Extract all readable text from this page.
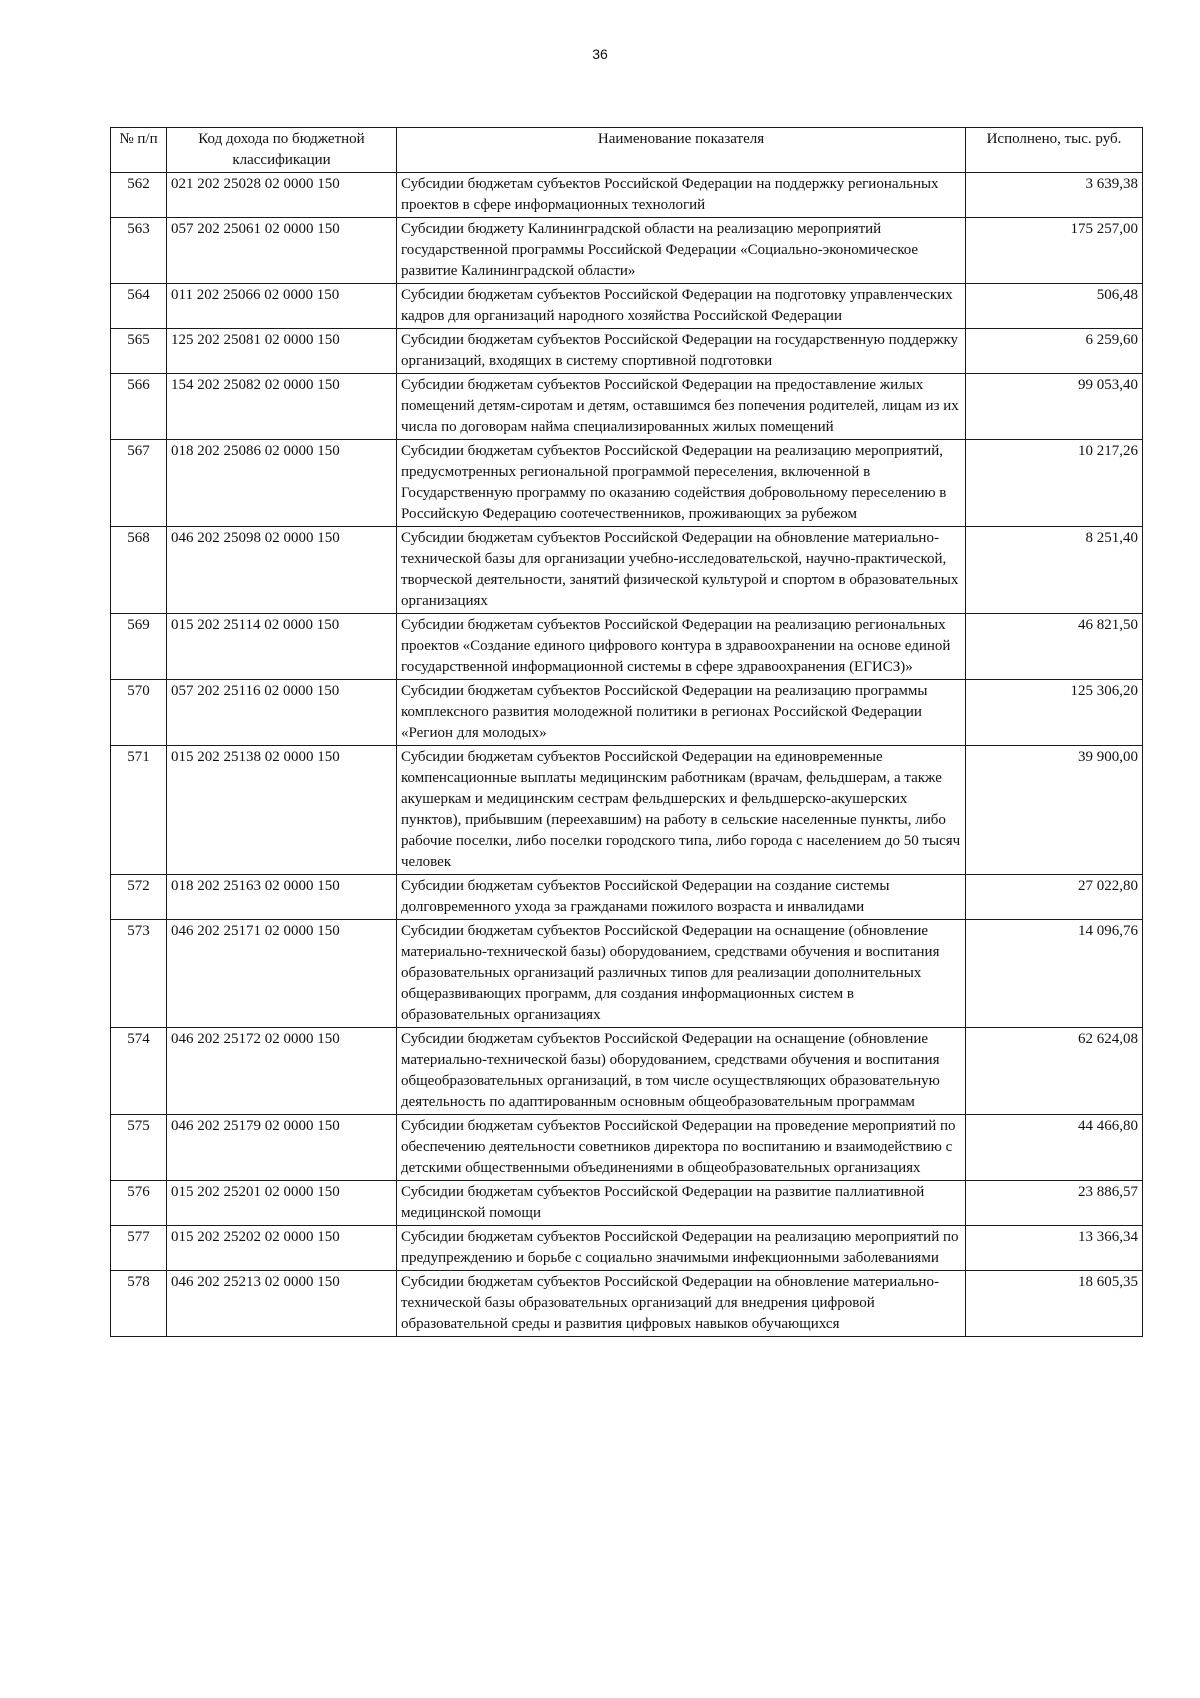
36
№ п/п	Код дохода по бюджетной классификации	Наименование показателя	Исполнено, тыс. руб.
562	021 202 25028 02 0000 150	Субсидии бюджетам субъектов Российской Федерации на поддержку региональных проектов в сфере информационных технологий	3 639,38
563	057 202 25061 02 0000 150	Субсидии бюджету Калининградской области на реализацию мероприятий государственной программы Российской Федерации «Социально-экономическое развитие Калининградской области»	175 257,00
564	011 202 25066 02 0000 150	Субсидии бюджетам субъектов Российской Федерации на подготовку управленческих кадров для организаций народного хозяйства Российской Федерации	506,48
565	125 202 25081 02 0000 150	Субсидии бюджетам субъектов Российской Федерации на государственную поддержку организаций, входящих в систему спортивной подготовки	6 259,60
566	154 202 25082 02 0000 150	Субсидии бюджетам субъектов Российской Федерации на предоставление жилых помещений детям-сиротам и детям, оставшимся без попечения родителей, лицам из их числа по договорам найма специализированных жилых помещений	99 053,40
567	018 202 25086 02 0000 150	Субсидии бюджетам субъектов Российской Федерации на реализацию мероприятий, предусмотренных региональной программой переселения, включенной в Государственную программу по оказанию содействия добровольному переселению в Российскую Федерацию соотечественников, проживающих за рубежом	10 217,26
568	046 202 25098 02 0000 150	Субсидии бюджетам субъектов Российской Федерации на обновление материально-технической базы для организации учебно-исследовательской, научно-практической, творческой деятельности, занятий физической культурой и спортом в образовательных организациях	8 251,40
569	015 202 25114 02 0000 150	Субсидии бюджетам субъектов Российской Федерации на реализацию региональных проектов «Создание единого цифрового контура в здравоохранении на основе единой государственной информационной системы в сфере здравоохранения (ЕГИСЗ)»	46 821,50
570	057 202 25116 02 0000 150	Субсидии бюджетам субъектов Российской Федерации на реализацию программы комплексного развития молодежной политики в регионах Российской Федерации «Регион для молодых»	125 306,20
571	015 202 25138 02 0000 150	Субсидии бюджетам субъектов Российской Федерации на единовременные компенсационные выплаты медицинским работникам (врачам, фельдшерам, а также акушеркам и медицинским сестрам фельдшерских и фельдшерско-акушерских пунктов), прибывшим (переехавшим) на работу в сельские населенные пункты, либо рабочие поселки, либо поселки городского типа, либо города с населением до 50 тысяч человек	39 900,00
572	018 202 25163 02 0000 150	Субсидии бюджетам субъектов Российской Федерации на создание системы долговременного ухода за гражданами пожилого возраста и инвалидами	27 022,80
573	046 202 25171 02 0000 150	Субсидии бюджетам субъектов Российской Федерации на оснащение (обновление материально-технической базы) оборудованием, средствами обучения и воспитания образовательных организаций различных типов для реализации дополнительных общеразвивающих программ, для создания информационных систем в образовательных организациях	14 096,76
574	046 202 25172 02 0000 150	Субсидии бюджетам субъектов Российской Федерации на оснащение (обновление материально-технической базы) оборудованием, средствами обучения и воспитания общеобразовательных организаций, в том числе осуществляющих образовательную деятельность по адаптированным основным общеобразовательным программам	62 624,08
575	046 202 25179 02 0000 150	Субсидии бюджетам субъектов Российской Федерации на проведение мероприятий по обеспечению деятельности советников директора по воспитанию и взаимодействию с детскими общественными объединениями в общеобразовательных организациях	44 466,80
576	015 202 25201 02 0000 150	Субсидии бюджетам субъектов Российской Федерации на развитие паллиативной медицинской помощи	23 886,57
577	015 202 25202 02 0000 150	Субсидии бюджетам субъектов Российской Федерации на реализацию мероприятий по предупреждению и борьбе с социально значимыми инфекционными заболеваниями	13 366,34
578	046 202 25213 02 0000 150	Субсидии бюджетам субъектов Российской Федерации на обновление материально-технической базы образовательных организаций для внедрения цифровой образовательной среды и развития цифровых навыков обучающихся	18 605,35
